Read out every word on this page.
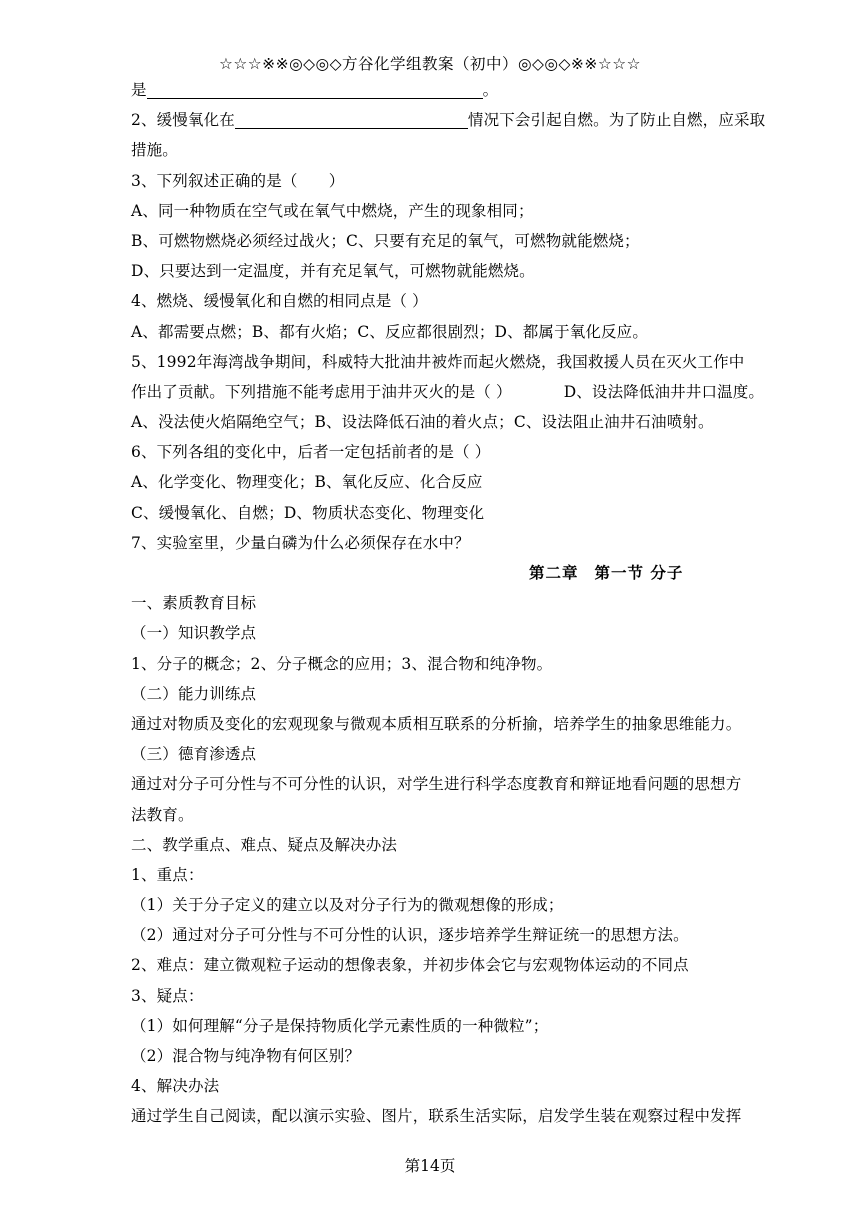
☆☆☆※※◎◇◎◇方谷化学组教案（初中）◎◇◎◇※※☆☆☆
是	。
2、缓慢氧化在	情况下会引起自燃。为了防止自燃，应采取
措施。
3、下列叙述正确的是（　　）
A、同一种物质在空气或在氧气中燃烧，产生的现象相同；
B、可燃物燃烧必须经过战火；C、只要有充足的氧气，可燃物就能燃烧；
D、只要达到一定温度，并有充足氧气，可燃物就能燃烧。
4、燃烧、缓慢氧化和自燃的相同点是（ ）
A、都需要点燃；B、都有火焰；C、反应都很剧烈；D、都属于氧化反应。
5、1992年海湾战争期间，科威特大批油井被炸而起火燃烧，我国救援人员在灭火工作中
作出了贡献。下列措施不能考虑用于油井灭火的是（ ）	D、设法降低油井井口温度。
A、没法使火焰隔绝空气；B、设法降低石油的着火点；C、设法阻止油井石油喷射。
6、下列各组的变化中，后者一定包括前者的是（ ）
A、化学变化、物理变化；B、氧化反应、化合反应
C、缓慢氧化、自燃；D、物质状态变化、物理变化
7、实验室里，少量白磷为什么必须保存在水中？
第二章 第一节 分子
一、素质教育目标
（一）知识教学点
1、分子的概念；2、分子概念的应用；3、混合物和纯净物。
（二）能力训练点
通过对物质及变化的宏观现象与微观本质相互联系的分析揄，培养学生的抽象思维能力。
（三）德育渗透点
通过对分子可分性与不可分性的认识，对学生进行科学态度教育和辩证地看问题的思想方
法教育。
二、教学重点、难点、疑点及解决办法
1、重点：
（1）关于分子定义的建立以及对分子行为的微观想像的形成；
（2）通过对分子可分性与不可分性的认识，逐步培养学生辩证统一的思想方法。
2、难点：建立微观粒子运动的想像表象，并初步体会它与宏观物体运动的不同点
3、疑点：
（1）如何理解“分子是保持物质化学元素性质的一种微粒”；
（2）混合物与纯净物有何区别？
4、解决办法
通过学生自己阅读，配以演示实验、图片，联系生活实际，启发学生装在观察过程中发挥
第14页
